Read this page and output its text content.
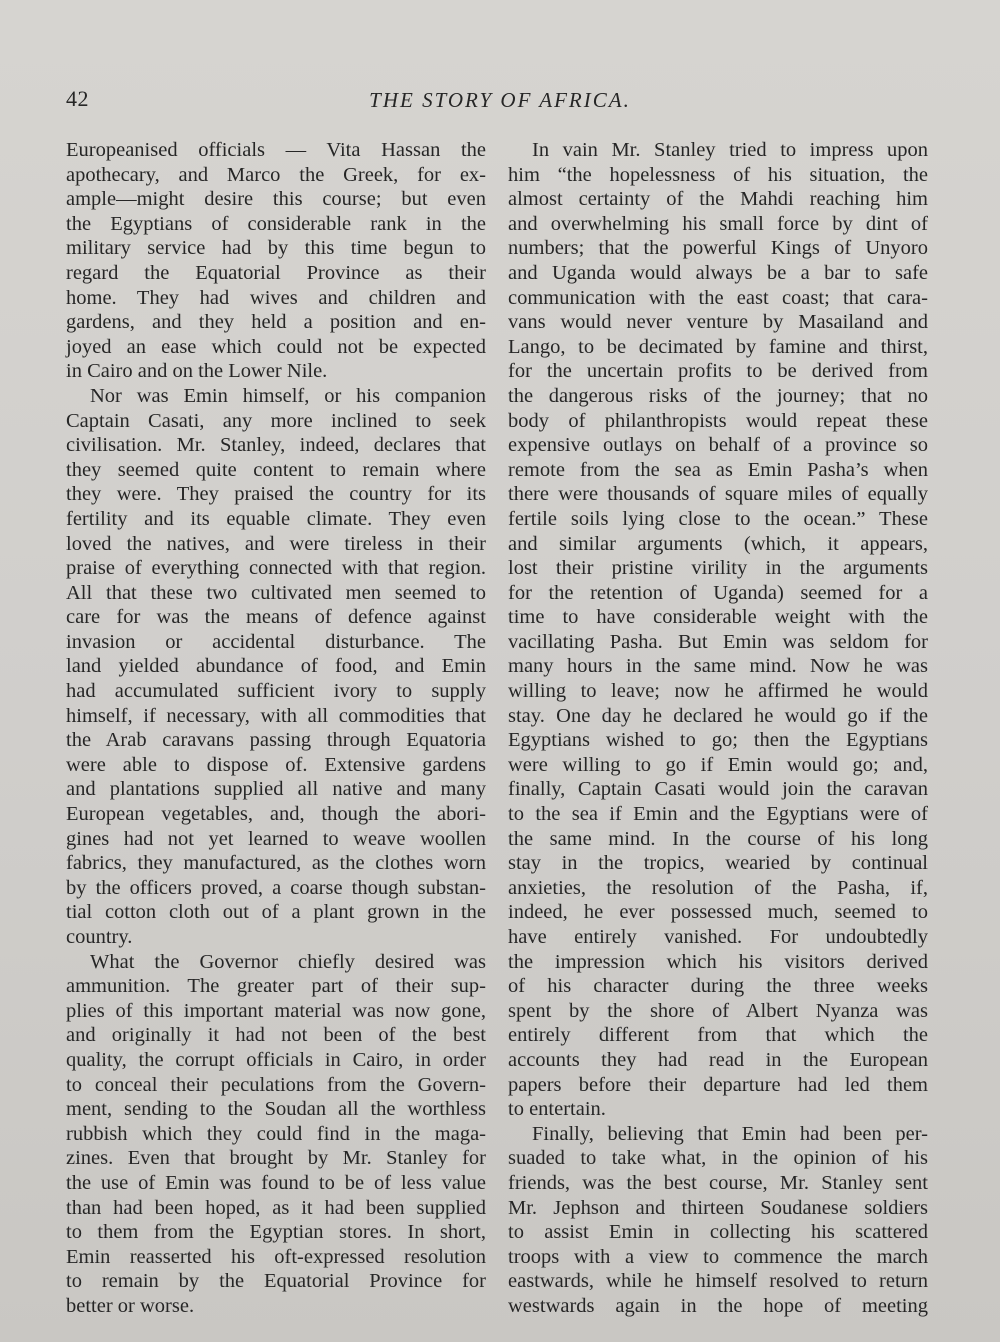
42	THE STORY OF AFRICA.
Europeanised officials — Vita Hassan the
apothecary, and Marco the Greek, for ex-
ample—might desire this course; but even
the Egyptians of considerable rank in the
military service had by this time begun to
regard the Equatorial Province as their
home. They had wives and children and
gardens, and they held a position and en-
joyed an ease which could not be expected
in Cairo and on the Lower Nile.
Nor was Emin himself, or his companion
Captain Casati, any more inclined to seek
civilisation. Mr. Stanley, indeed, declares that
they seemed quite content to remain where
they were. They praised the country for its
fertility and its equable climate. They even
loved the natives, and were tireless in their
praise of everything connected with that region.
All that these two cultivated men seemed to
care for was the means of defence against
invasion or accidental disturbance. The
land yielded abundance of food, and Emin
had accumulated sufficient ivory to supply
himself, if necessary, with all commodities that
the Arab caravans passing through Equatoria
were able to dispose of. Extensive gardens
and plantations supplied all native and many
European vegetables, and, though the abori-
gines had not yet learned to weave woollen
fabrics, they manufactured, as the clothes worn
by the officers proved, a coarse though substan-
tial cotton cloth out of a plant grown in the
country.
What the Governor chiefly desired was
ammunition. The greater part of their sup-
plies of this important material was now gone,
and originally it had not been of the best
quality, the corrupt officials in Cairo, in order
to conceal their peculations from the Govern-
ment, sending to the Soudan all the worthless
rubbish which they could find in the maga-
zines. Even that brought by Mr. Stanley for
the use of Emin was found to be of less value
than had been hoped, as it had been supplied
to them from the Egyptian stores. In short,
Emin reasserted his oft-expressed resolution
to remain by the Equatorial Province for
better or worse.
In vain Mr. Stanley tried to impress upon
him “the hopelessness of his situation, the
almost certainty of the Mahdi reaching him
and overwhelming his small force by dint of
numbers; that the powerful Kings of Unyoro
and Uganda would always be a bar to safe
communication with the east coast; that cara-
vans would never venture by Masailand and
Lango, to be decimated by famine and thirst,
for the uncertain profits to be derived from
the dangerous risks of the journey; that no
body of philanthropists would repeat these
expensive outlays on behalf of a province so
remote from the sea as Emin Pasha’s when
there were thousands of square miles of equally
fertile soils lying close to the ocean.” These
and similar arguments (which, it appears,
lost their pristine virility in the arguments
for the retention of Uganda) seemed for a
time to have considerable weight with the
vacillating Pasha. But Emin was seldom for
many hours in the same mind. Now he was
willing to leave; now he affirmed he would
stay. One day he declared he would go if the
Egyptians wished to go; then the Egyptians
were willing to go if Emin would go; and,
finally, Captain Casati would join the caravan
to the sea if Emin and the Egyptians were of
the same mind. In the course of his long
stay in the tropics, wearied by continual
anxieties, the resolution of the Pasha, if,
indeed, he ever possessed much, seemed to
have entirely vanished. For undoubtedly
the impression which his visitors derived
of his character during the three weeks
spent by the shore of Albert Nyanza was
entirely different from that which the
accounts they had read in the European
papers before their departure had led them
to entertain.
Finally, believing that Emin had been per-
suaded to take what, in the opinion of his
friends, was the best course, Mr. Stanley sent
Mr. Jephson and thirteen Soudanese soldiers
to assist Emin in collecting his scattered
troops with a view to commence the march
eastwards, while he himself resolved to return
westwards again in the hope of meeting
